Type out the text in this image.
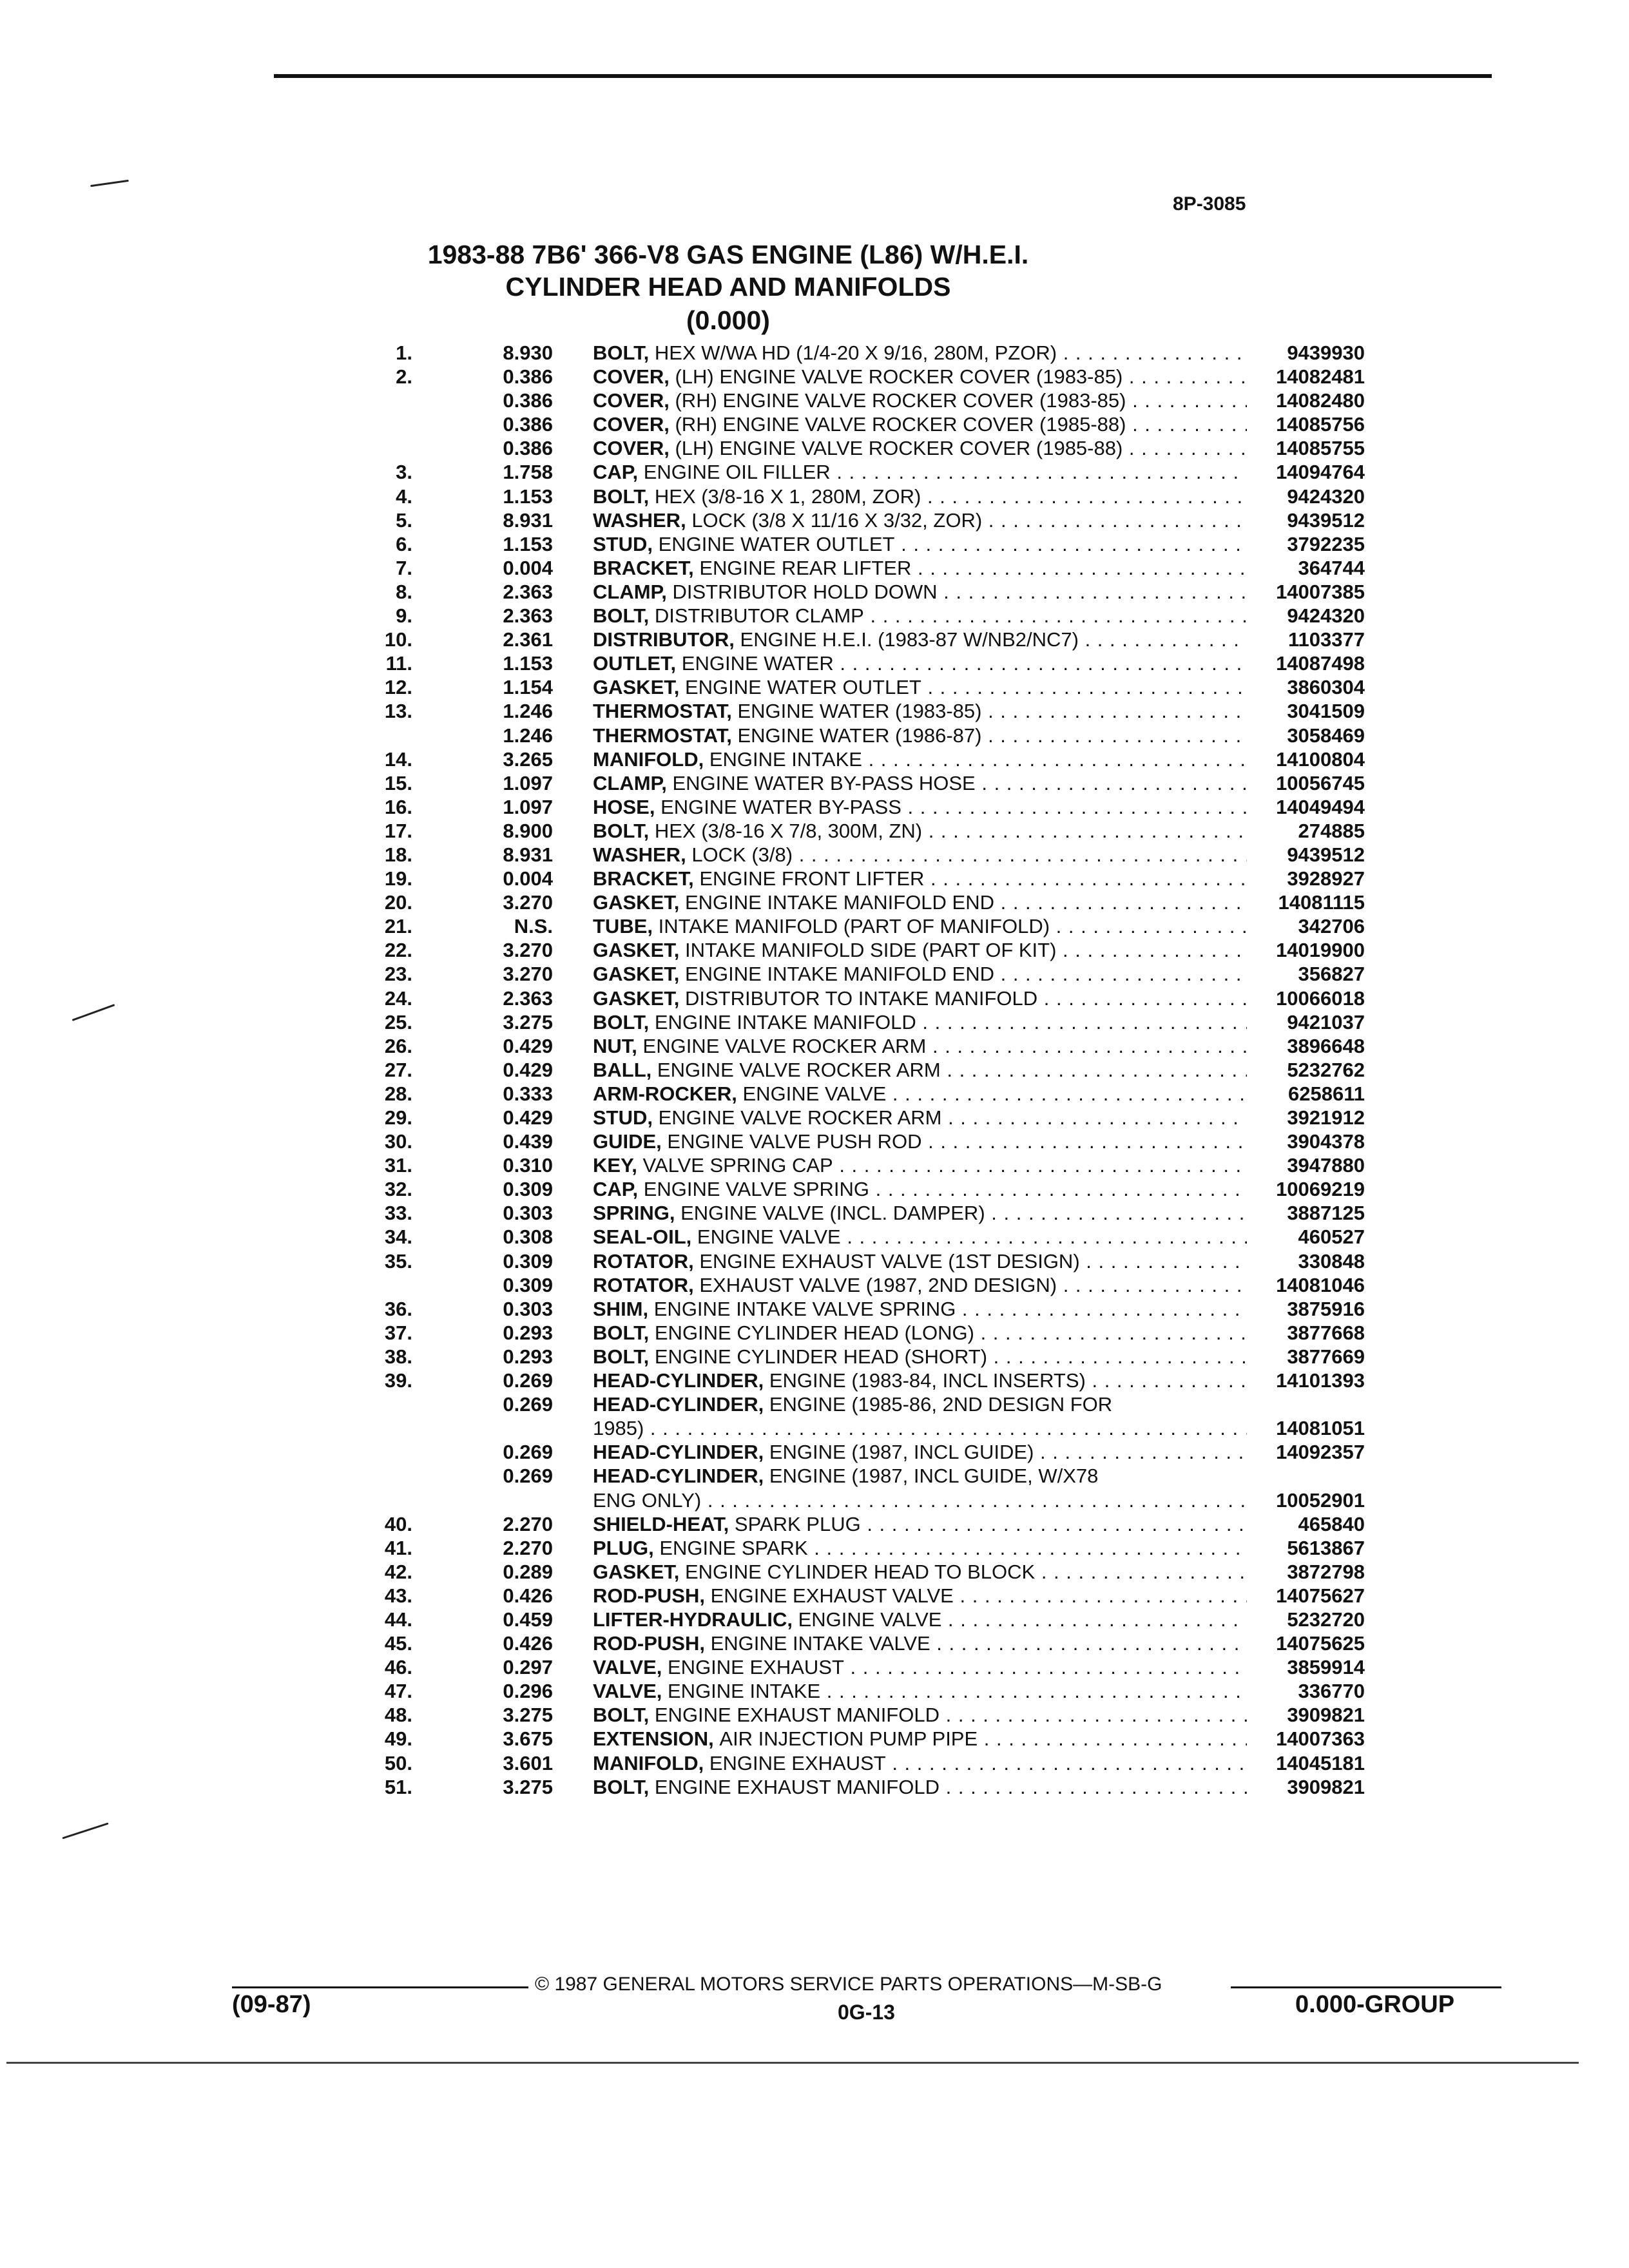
8P-3085
1983-88 7B6' 366-V8 GAS ENGINE (L86) W/H.E.I.
CYLINDER HEAD AND MANIFOLDS
(0.000)
1.	8.930 BOLT, HEX W/WA HD (1/4-20 X 9/16, 280M, PZOR) . . .	9439930
2.	0.386 COVER, (LH) ENGINE VALVE ROCKER COVER (1983-85) . . .	14082481
0.386 COVER, (RH) ENGINE VALVE ROCKER COVER (1983-85) . . .	14082480
0.386 COVER, (RH) ENGINE VALVE ROCKER COVER (1985-88) . . .	14085756
0.386 COVER, (LH) ENGINE VALVE ROCKER COVER (1985-88) . . .	14085755
3.	1.758 CAP, ENGINE OIL FILLER . . .	14094764
4.	1.153 BOLT, HEX (3/8-16 X 1, 280M, ZOR) . . .	9424320
5.	8.931 WASHER, LOCK (3/8 X 11/16 X 3/32, ZOR) . . .	9439512
6.	1.153 STUD, ENGINE WATER OUTLET . . .	3792235
7.	0.004 BRACKET, ENGINE REAR LIFTER . . .	364744
8.	2.363 CLAMP, DISTRIBUTOR HOLD DOWN . . .	14007385
9.	2.363 BOLT, DISTRIBUTOR CLAMP . . .	9424320
10.	2.361 DISTRIBUTOR, ENGINE H.E.I. (1983-87 W/NB2/NC7) . . .	1103377
11.	1.153 OUTLET, ENGINE WATER . . .	14087498
12.	1.154 GASKET, ENGINE WATER OUTLET . . .	3860304
13.	1.246 THERMOSTAT, ENGINE WATER (1983-85) . . .	3041509
1.246 THERMOSTAT, ENGINE WATER (1986-87) . . .	3058469
14.	3.265 MANIFOLD, ENGINE INTAKE . . .	14100804
15.	1.097 CLAMP, ENGINE WATER BY-PASS HOSE . . .	10056745
16.	1.097 HOSE, ENGINE WATER BY-PASS . . .	14049494
17.	8.900 BOLT, HEX (3/8-16 X 7/8, 300M, ZN) . . .	274885
18.	8.931 WASHER, LOCK (3/8) . . .	9439512
19.	0.004 BRACKET, ENGINE FRONT LIFTER . . .	3928927
20.	3.270 GASKET, ENGINE INTAKE MANIFOLD END . . .	14081115
21.	N.S. TUBE, INTAKE MANIFOLD (PART OF MANIFOLD) . . .	342706
22.	3.270 GASKET, INTAKE MANIFOLD SIDE (PART OF KIT) . . .	14019900
23.	3.270 GASKET, ENGINE INTAKE MANIFOLD END . . .	356827
24.	2.363 GASKET, DISTRIBUTOR TO INTAKE MANIFOLD . . .	10066018
25.	3.275 BOLT, ENGINE INTAKE MANIFOLD . . .	9421037
26.	0.429 NUT, ENGINE VALVE ROCKER ARM . . .	3896648
27.	0.429 BALL, ENGINE VALVE ROCKER ARM . . .	5232762
28.	0.333 ARM-ROCKER, ENGINE VALVE . . .	6258611
29.	0.429 STUD, ENGINE VALVE ROCKER ARM . . .	3921912
30.	0.439 GUIDE, ENGINE VALVE PUSH ROD . . .	3904378
31.	0.310 KEY, VALVE SPRING CAP . . .	3947880
32.	0.309 CAP, ENGINE VALVE SPRING . . .	10069219
33.	0.303 SPRING, ENGINE VALVE (INCL. DAMPER) . . .	3887125
34.	0.308 SEAL-OIL, ENGINE VALVE . . .	460527
35.	0.309 ROTATOR, ENGINE EXHAUST VALVE (1ST DESIGN) . . .	330848
0.309 ROTATOR, EXHAUST VALVE (1987, 2ND DESIGN) . . .	14081046
36.	0.303 SHIM, ENGINE INTAKE VALVE SPRING . . .	3875916
37.	0.293 BOLT, ENGINE CYLINDER HEAD (LONG) . . .	3877668
38.	0.293 BOLT, ENGINE CYLINDER HEAD (SHORT) . . .	3877669
39.	0.269 HEAD-CYLINDER, ENGINE (1983-84, INCL INSERTS) . . .	14101393
0.269 HEAD-CYLINDER, ENGINE (1985-86, 2ND DESIGN FOR
1985) . . .	14081051
0.269 HEAD-CYLINDER, ENGINE (1987, INCL GUIDE) . . .	14092357
0.269 HEAD-CYLINDER, ENGINE (1987, INCL GUIDE, W/X78
ENG ONLY) . . .	10052901
40.	2.270 SHIELD-HEAT, SPARK PLUG . . .	465840
41.	2.270 PLUG, ENGINE SPARK . . .	5613867
42.	0.289 GASKET, ENGINE CYLINDER HEAD TO BLOCK . . .	3872798
43.	0.426 ROD-PUSH, ENGINE EXHAUST VALVE . . .	14075627
44.	0.459 LIFTER-HYDRAULIC, ENGINE VALVE . . .	5232720
45.	0.426 ROD-PUSH, ENGINE INTAKE VALVE . . .	14075625
46.	0.297 VALVE, ENGINE EXHAUST . . .	3859914
47.	0.296 VALVE, ENGINE INTAKE . . .	336770
48.	3.275 BOLT, ENGINE EXHAUST MANIFOLD . . .	3909821
49.	3.675 EXTENSION, AIR INJECTION PUMP PIPE . . .	14007363
50.	3.601 MANIFOLD, ENGINE EXHAUST . . .	14045181
51.	3.275 BOLT, ENGINE EXHAUST MANIFOLD . . .	3909821
© 1987 GENERAL MOTORS SERVICE PARTS OPERATIONS—M-SB-G
(09-87)	0G-13	0.000-GROUP
